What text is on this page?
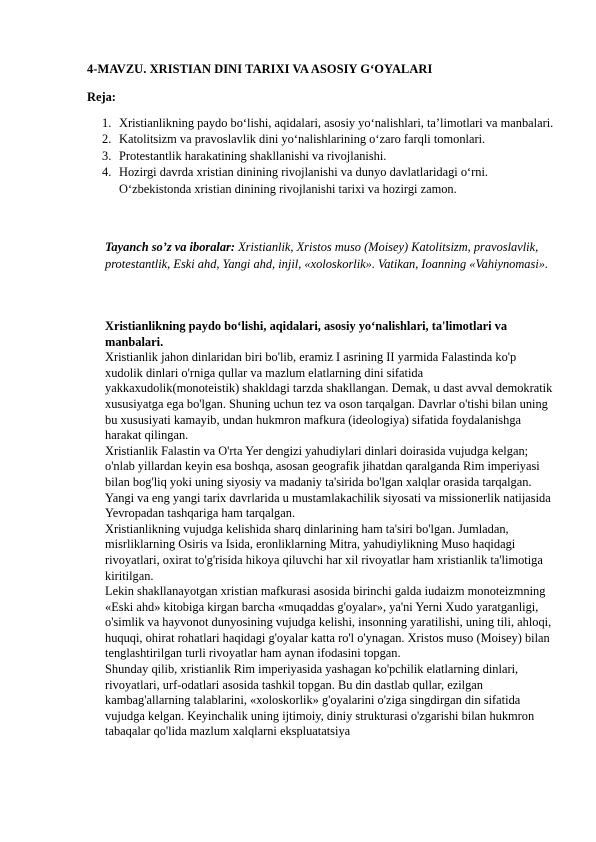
4-MAVZU. XRISTIAN DINI TARIXI VA ASOSIY G‘OYALARI
Reja:
1. Xristianlikning paydo bo‘lishi, aqidalari, asosiy yo‘nalishlari, ta’limotlari va manbalari.
2. Katolitsizm va pravoslavlik dini yo‘nalishlarining o‘zaro farqli tomonlari.
3. Protestantlik harakatining shakllanishi va rivojlanishi.
4. Hozirgi davrda xristian dinining rivojlanishi va dunyo davlatlaridagi o‘rni. O‘zbekistonda xristian dinining rivojlanishi tarixi va hozirgi zamon.
Tayanch so’z va iboralar: Xristianlik, Xristos muso (Moisey) Katolitsizm, pravoslavlik, protestantlik, Eski ahd, Yangi ahd, injil, «xoloskorlik». Vatikan, Ioanning «Vahiynomasi».
Xristianlikning paydo bo‘lishi, aqidalari, asosiy yo‘nalishlari, ta'limotlari va manbalari.

Xristianlik jahon dinlaridan biri bo'lib, eramiz I asrining II yarmida Falastinda ko'p xudolik dinlari o'rniga qullar va mazlum elatlarning dini sifatida yakkaxudolik(monoteistik) shakldagi tarzda shakllangan. Demak, u dast avval demokratik xususiyatga ega bo'lgan. Shuning uchun tez va oson tarqalgan. Davrlar o'tishi bilan uning bu xususiyati kamayib, undan hukmron mafkura (ideologiya) sifatida foydalanishga harakat qilingan.

Xristianlik Falastin va O'rta Yer dengizi yahudiylari dinlari doirasida vujudga kelgan; o'nlab yillardan keyin esa boshqa, asosan geografik jihatdan qaralganda Rim imperiyasi bilan bog'liq yoki uning siyosiy va madaniy ta'sirida bo'lgan xalqlar orasida tarqalgan. Yangi va eng yangi tarix davrlarida u mustamlakachilik siyosati va missionerlik natijasida Yevropadan tashqariga ham tarqalgan.

Xristianlikning vujudga kelishida sharq dinlarining ham ta'siri bo'lgan. Jumladan, misrliklarning Osiris va Isida, eronliklarning Mitra, yahudiylikning Muso haqidagi rivoyatlari, oxirat to'g'risida hikoya qiluvchi har xil rivoyatlar ham xristianlik ta'limotiga kiritilgan.

Lekin shakllanayotgan xristian mafkurasi asosida birinchi galda iudaizm monoteizmning «Eski ahd» kitobiga kirgan barcha «muqaddas g'oyalar», ya'ni Yerni Xudo yaratganligi, o'simlik va hayvonot dunyosining vujudga kelishi, insonning yaratilishi, uning tili, ahloqi, huquqi, ohirat rohatlari haqidagi g'oyalar katta ro'l o'ynagan. Xristos muso (Moisey) bilan tenglashtirilgan turli rivoyatlar ham aynan ifodasini topgan.

Shunday qilib, xristianlik Rim imperiyasida yashagan ko'pchilik elatlarning dinlari, rivoyatlari, urf-odatlari asosida tashkil topgan. Bu din dastlab qullar, ezilgan kambag'allarning talablarini, «xoloskorlik» g'oyalarini o'ziga singdirgan din sifatida vujudga kelgan. Keyinchalik uning ijtimoiy, diniy strukturasi o'zgarishi bilan hukmron tabaqalar qo'lida mazlum xalqlarni ekspluatatsiya
